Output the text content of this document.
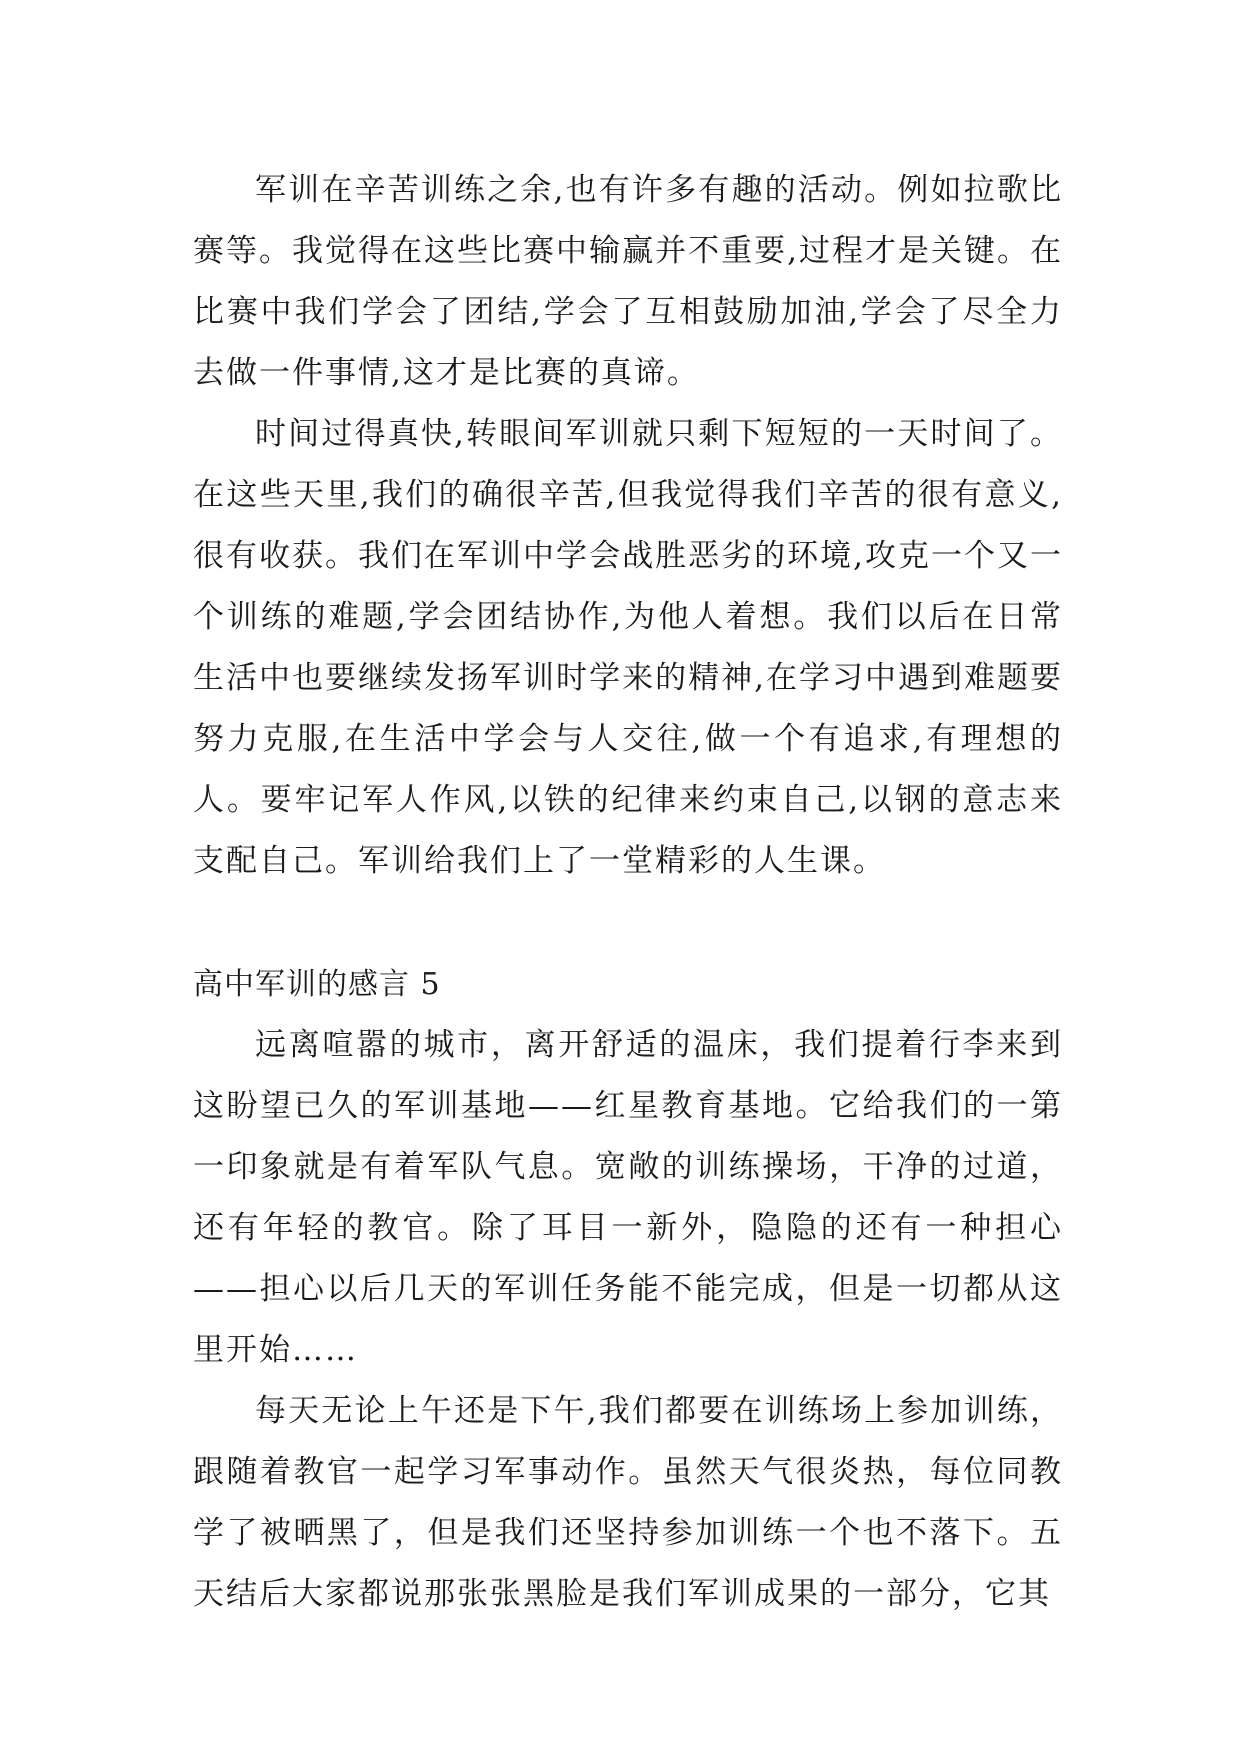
军训在辛苦训练之余,也有许多有趣的活动。例如拉歌比赛等。我觉得在这些比赛中输赢并不重要,过程才是关键。在比赛中我们学会了团结,学会了互相鼓励加油,学会了尽全力去做一件事情,这才是比赛的真谛。

时间过得真快,转眼间军训就只剩下短短的一天时间了。在这些天里,我们的确很辛苦,但我觉得我们辛苦的很有意义,很有收获。我们在军训中学会战胜恶劣的环境,攻克一个又一个训练的难题,学会团结协作,为他人着想。我们以后在日常生活中也要继续发扬军训时学来的精神,在学习中遇到难题要努力克服,在生活中学会与人交往,做一个有追求,有理想的人。要牢记军人作风,以铁的纪律来约束自己,以钢的意志来支配自己。军训给我们上了一堂精彩的人生课。

高中军训的感言 5

远离喧嚣的城市，离开舒适的温床，我们提着行李来到这盼望已久的军训基地——红星教育基地。它给我们的一第一印象就是有着军队气息。宽敞的训练操场，干净的过道，还有年轻的教官。除了耳目一新外，隐隐的还有一种担心——担心以后几天的军训任务能不能完成，但是一切都从这里开始……

每天无论上午还是下午,我们都要在训练场上参加训练，跟随着教官一起学习军事动作。虽然天气很炎热，每位同教学了被晒黑了，但是我们还坚持参加训练一个也不落下。五天结后大家都说那张张黑脸是我们军训成果的一部分，它其
